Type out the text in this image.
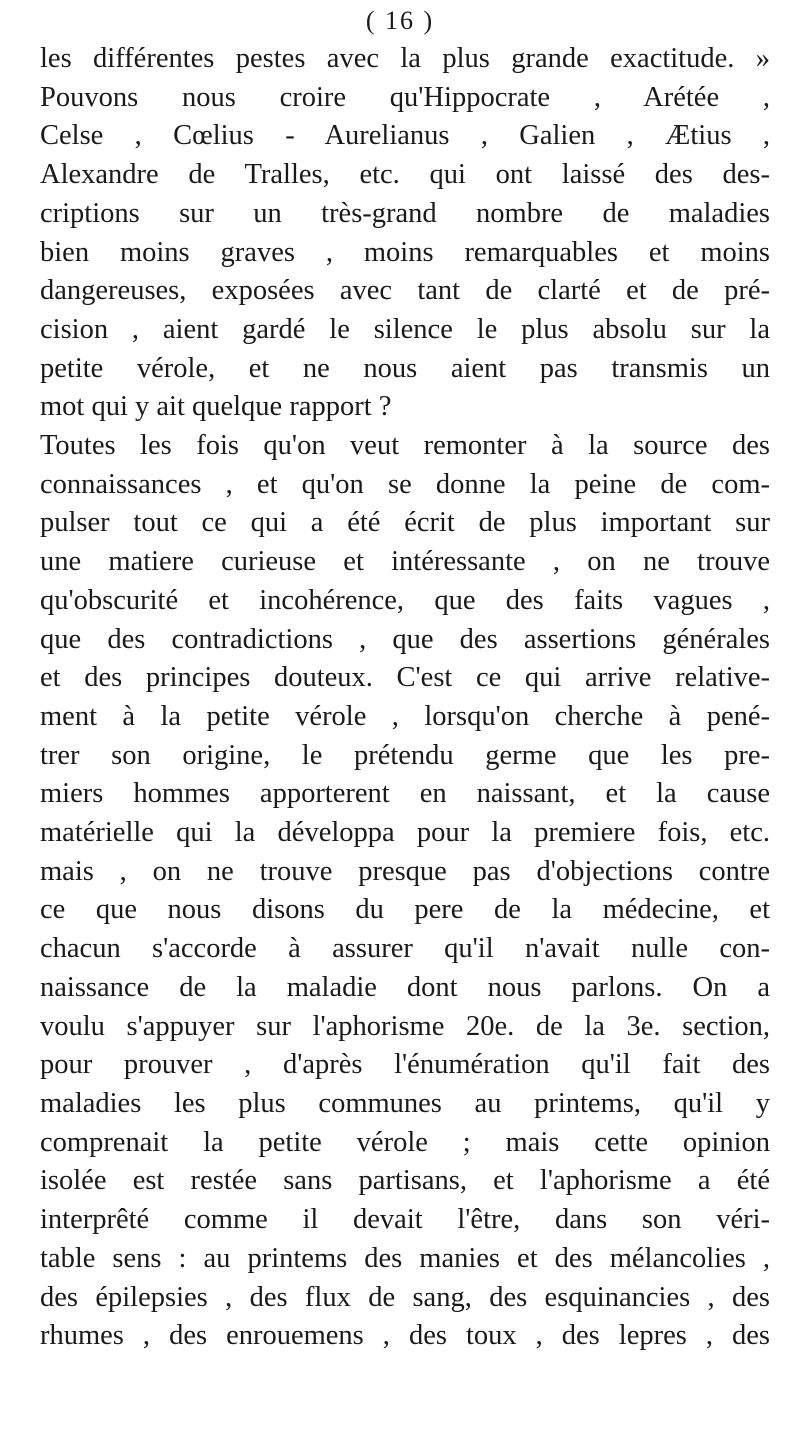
( 16 )
les différentes pestes avec la plus grande exactitude. »
Pouvons nous croire qu'Hippocrate , Arétée ,
Celse , Cœlius - Aurelianus , Galien , Ætius ,
Alexandre de Tralles, etc. qui ont laissé des des-
criptions sur un très-grand nombre de maladies
bien moins graves , moins remarquables et moins
dangereuses, exposées avec tant de clarté et de pré-
cision , aient gardé le silence le plus absolu sur la
petite vérole, et ne nous aient pas transmis un
mot qui y ait quelque rapport ?
Toutes les fois qu'on veut remonter à la source des
connaissances , et qu'on se donne la peine de com-
pulser tout ce qui a été écrit de plus important sur
une matiere curieuse et intéressante , on ne trouve
qu'obscurité et incohérence, que des faits vagues ,
que des contradictions , que des assertions générales
et des principes douteux. C'est ce qui arrive relative-
ment à la petite vérole , lorsqu'on cherche à pené-
trer son origine, le prétendu germe que les pre-
miers hommes apporterent en naissant, et la cause
matérielle qui la développa pour la premiere fois, etc.
mais , on ne trouve presque pas d'objections contre
ce que nous disons du pere de la médecine, et
chacun s'accorde à assurer qu'il n'avait nulle con-
naissance de la maladie dont nous parlons. On a
voulu s'appuyer sur l'aphorisme 20e. de la 3e. section,
pour prouver , d'après l'énumération qu'il fait des
maladies les plus communes au printems, qu'il y
comprenait la petite vérole ; mais cette opinion
isolée est restée sans partisans, et l'aphorisme a été
interprêté comme il devait l'être, dans son véri-
table sens : au printems des manies et des mélancolies ,
des épilepsies , des flux de sang, des esquinancies , des
rhumes , des enrouemens , des toux , des lepres , des
